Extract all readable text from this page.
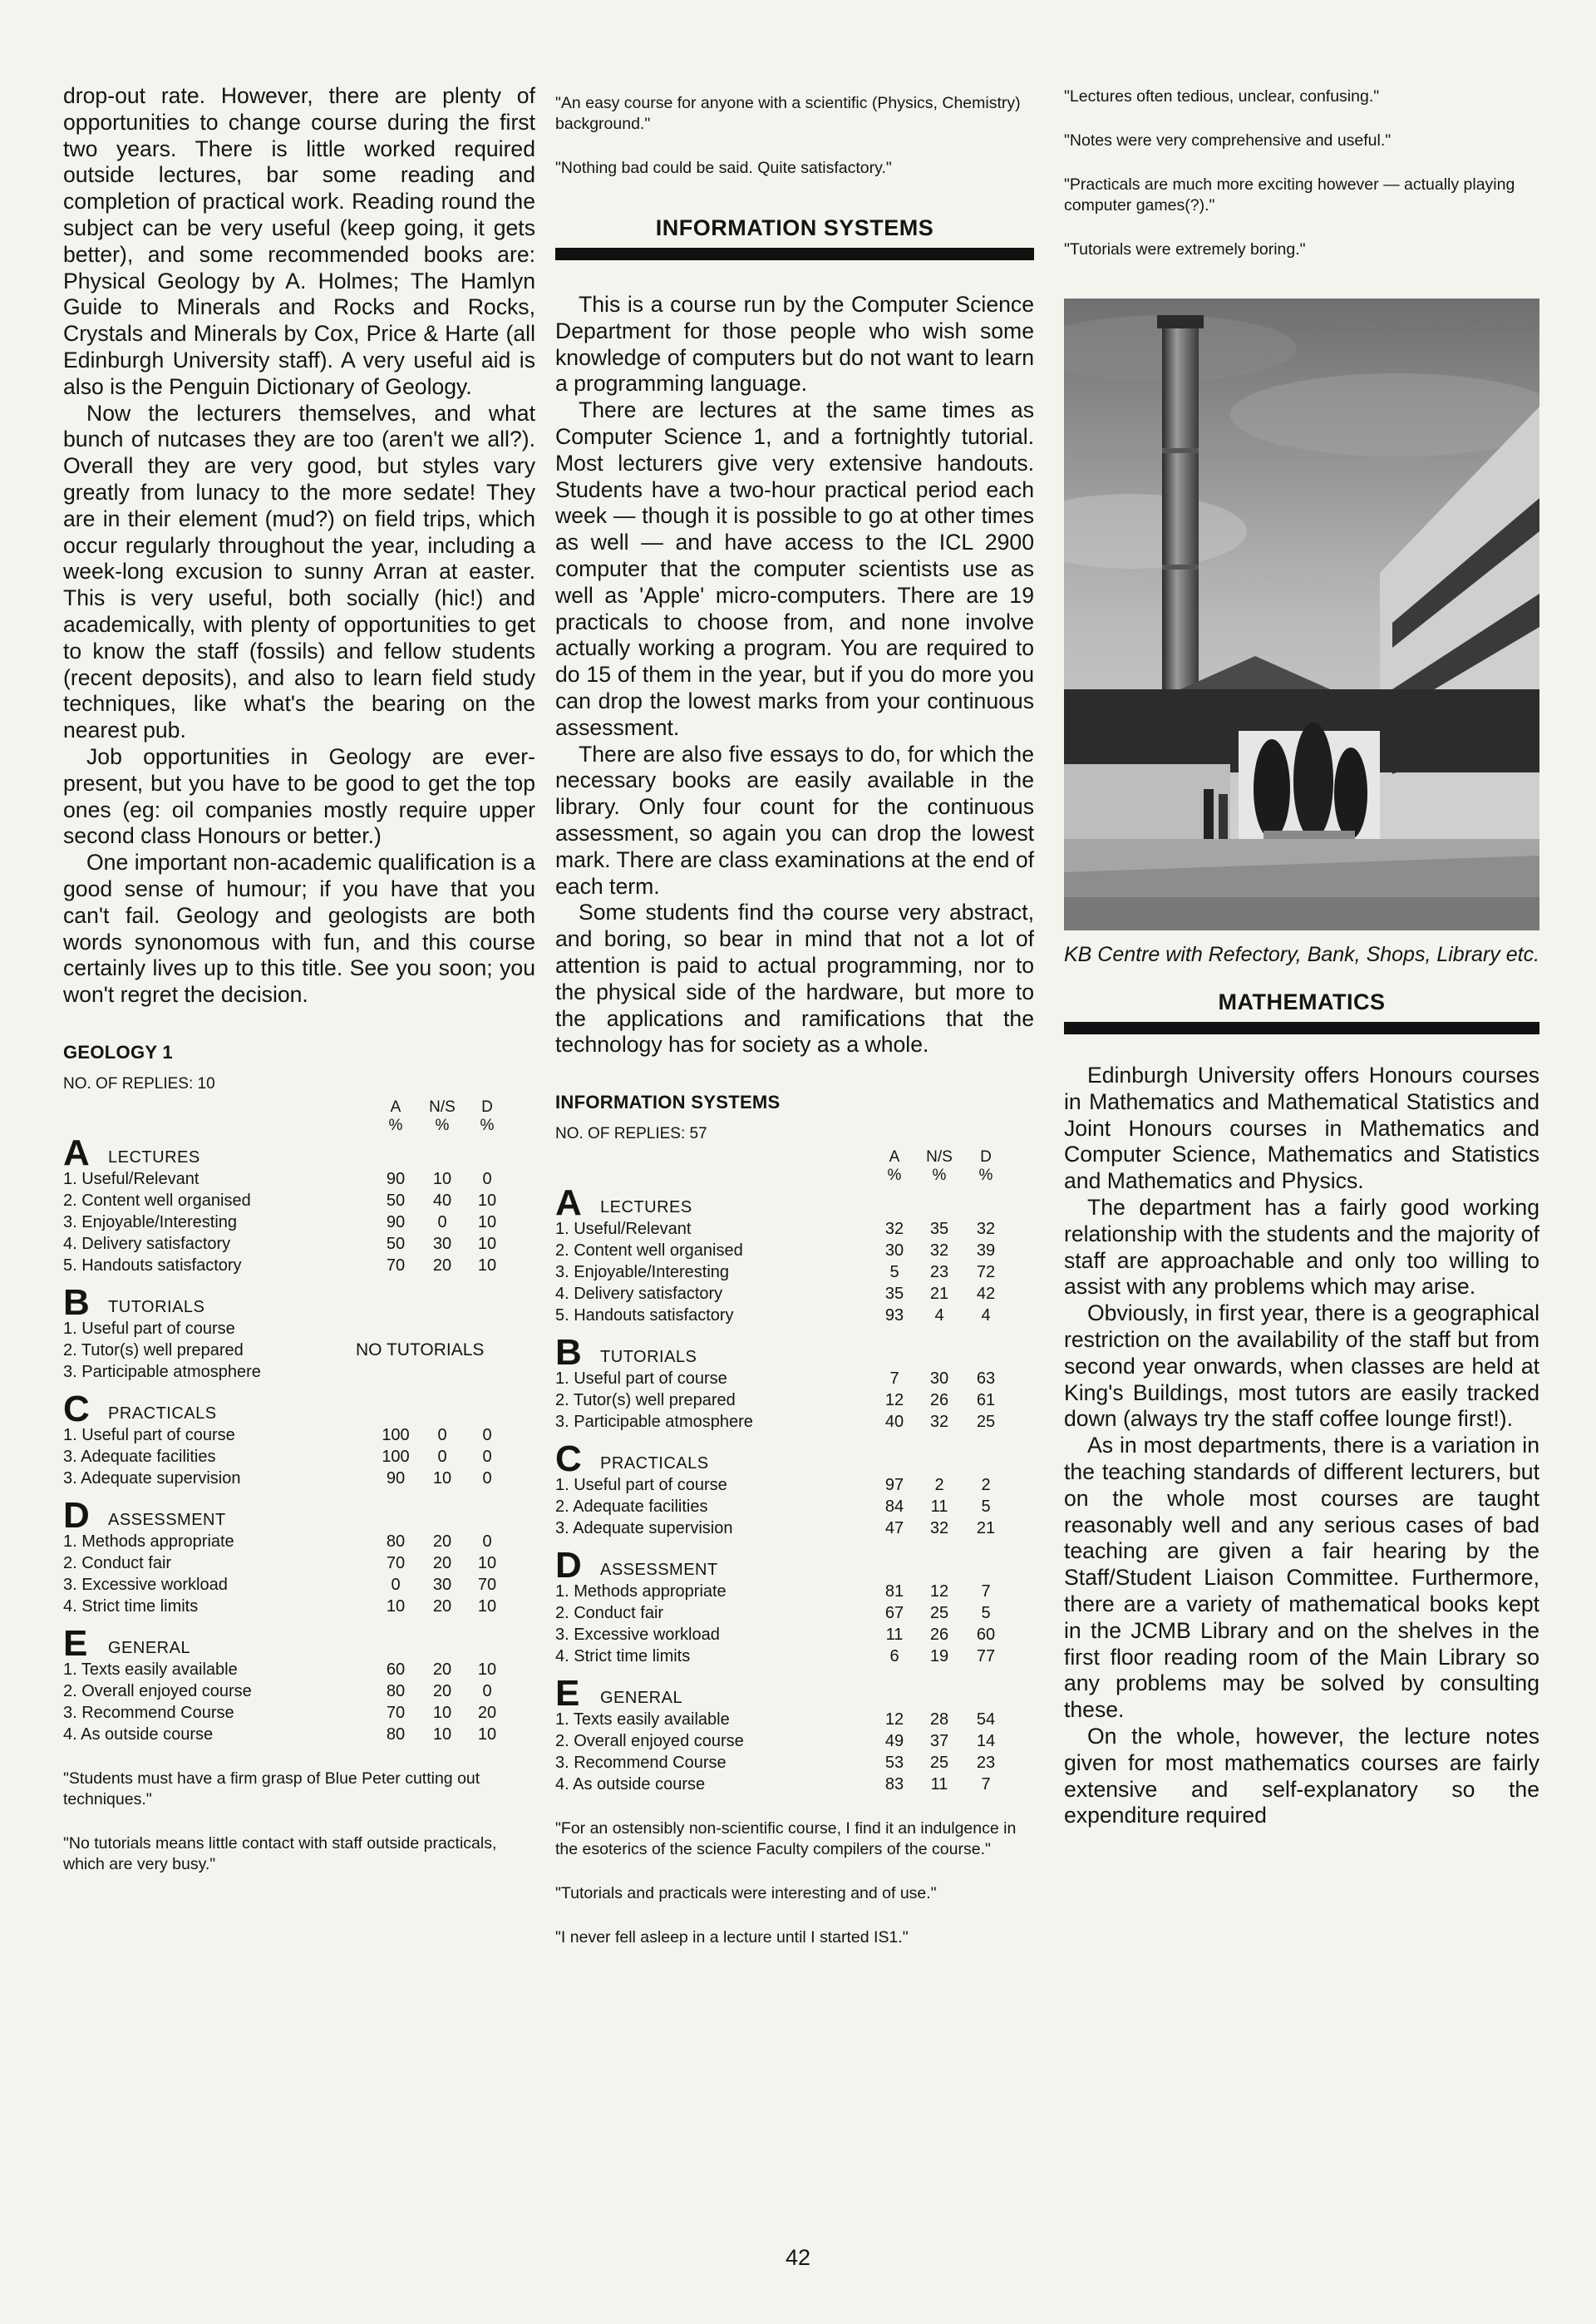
drop-out rate. However, there are plenty of opportunities to change course during the first two years. There is little worked required outside lectures, bar some reading and completion of practical work. Reading round the subject can be very useful (keep going, it gets better), and some recommended books are: Physical Geology by A. Holmes; The Hamlyn Guide to Minerals and Rocks and Rocks, Crystals and Minerals by Cox, Price & Harte (all Edinburgh University staff). A very useful aid is also is the Penguin Dictionary of Geology.

Now the lecturers themselves, and what bunch of nutcases they are too (aren't we all?). Overall they are very good, but styles vary greatly from lunacy to the more sedate! They are in their element (mud?) on field trips, which occur regularly throughout the year, including a week-long excusion to sunny Arran at easter. This is very useful, both socially (hic!) and academically, with plenty of opportunities to get to know the staff (fossils) and fellow students (recent deposits), and also to learn field study techniques, like what's the bearing on the nearest pub.

Job opportunities in Geology are ever-present, but you have to be good to get the top ones (eg: oil companies mostly require upper second class Honours or better.)

One important non-academic qualification is a good sense of humour; if you have that you can't fail. Geology and geologists are both words synonomous with fun, and this course certainly lives up to this title. See you soon; you won't regret the decision.

GEOLOGY 1
NO. OF REPLIES: 10
A
%
N/S
%
D
%
A LECTURES
1. Useful/Relevant	90	10	0
2. Content well organised	50	40	10
3. Enjoyable/Interesting	90	0	10
4. Delivery satisfactory	50	30	10
5. Handouts satisfactory	70	20	10
B TUTORIALS
1. Useful part of course
2. Tutor(s) well prepared	NO TUTORIALS
3. Participable atmosphere
C PRACTICALS
1. Useful part of course	100	0	0
3. Adequate facilities	100	0	0
3. Adequate supervision	90	10	0
D ASSESSMENT
1. Methods appropriate	80	20	0
2. Conduct fair	70	20	10
3. Excessive workload	0	30	70
4. Strict time limits	10	20	10
E GENERAL
1. Texts easily available	60	20	10
2. Overall enjoyed course	80	20	0
3. Recommend Course	70	10	20
4. As outside course	80	10	10
"Students must have a firm grasp of Blue Peter cutting out techniques."
"No tutorials means little contact with staff outside practicals, which are very busy."
"An easy course for anyone with a scientific (Physics, Chemistry) background."
"Nothing bad could be said. Quite satisfactory."
INFORMATION SYSTEMS

This is a course run by the Computer Science Department for those people who wish some knowledge of computers but do not want to learn a programming language.

There are lectures at the same times as Computer Science 1, and a fortnightly tutorial. Most lecturers give very extensive handouts. Students have a two-hour practical period each week — though it is possible to go at other times as well — and have access to the ICL 2900 computer that the computer scientists use as well as 'Apple' micro-computers. There are 19 practicals to choose from, and none involve actually working a program. You are required to do 15 of them in the year, but if you do more you can drop the lowest marks from your continuous assessment.

There are also five essays to do, for which the necessary books are easily available in the library. Only four count for the continuous assessment, so again you can drop the lowest mark. There are class examinations at the end of each term.

Some students find thə course very abstract, and boring, so bear in mind that not a lot of attention is paid to actual programming, nor to the physical side of the hardware, but more to the applications and ramifications that the technology has for society as a whole.

INFORMATION SYSTEMS
NO. OF REPLIES: 57
A
%
N/S
%
D
%
A LECTURES
1. Useful/Relevant	32	35	32
2. Content well organised	30	32	39
3. Enjoyable/Interesting	5	23	72
4. Delivery satisfactory	35	21	42
5. Handouts satisfactory	93	4	4
B TUTORIALS
1. Useful part of course	7	30	63
2. Tutor(s) well prepared	12	26	61
3. Participable atmosphere	40	32	25
C PRACTICALS
1. Useful part of course	97	2	2
2. Adequate facilities	84	11	5
3. Adequate supervision	47	32	21
D ASSESSMENT
1. Methods appropriate	81	12	7
2. Conduct fair	67	25	5
3. Excessive workload	11	26	60
4. Strict time limits	6	19	77
E GENERAL
1. Texts easily available	12	28	54
2. Overall enjoyed course	49	37	14
3. Recommend Course	53	25	23
4. As outside course	83	11	7
"For an ostensibly non-scientific course, I find it an indulgence in the esoterics of the science Faculty compilers of the course."
"Tutorials and practicals were interesting and of use."
"I never fell asleep in a lecture until I started IS1."
"Lectures often tedious, unclear, confusing."
"Notes were very comprehensive and useful."
"Practicals are much more exciting however — actually playing computer games(?)."
"Tutorials were extremely boring."
KB Centre with Refectory, Bank, Shops, Library etc.
MATHEMATICS

Edinburgh University offers Honours courses in Mathematics and Mathematical Statistics and Joint Honours courses in Mathematics and Computer Science, Mathematics and Statistics and Mathematics and Physics.

The department has a fairly good working relationship with the students and the majority of staff are approachable and only too willing to assist with any problems which may arise.

Obviously, in first year, there is a geographical restriction on the availability of the staff but from second year onwards, when classes are held at King's Buildings, most tutors are easily tracked down (always try the staff coffee lounge first!).

As in most departments, there is a variation in the teaching standards of different lecturers, but on the whole most courses are taught reasonably well and any serious cases of bad teaching are given a fair hearing by the Staff/Student Liaison Committee. Furthermore, there are a variety of mathematical books kept in the JCMB Library and on the shelves in the first floor reading room of the Main Library so any problems may be solved by consulting these.

On the whole, however, the lecture notes given for most mathematics courses are fairly extensive and self-explanatory so the expenditure required

42
